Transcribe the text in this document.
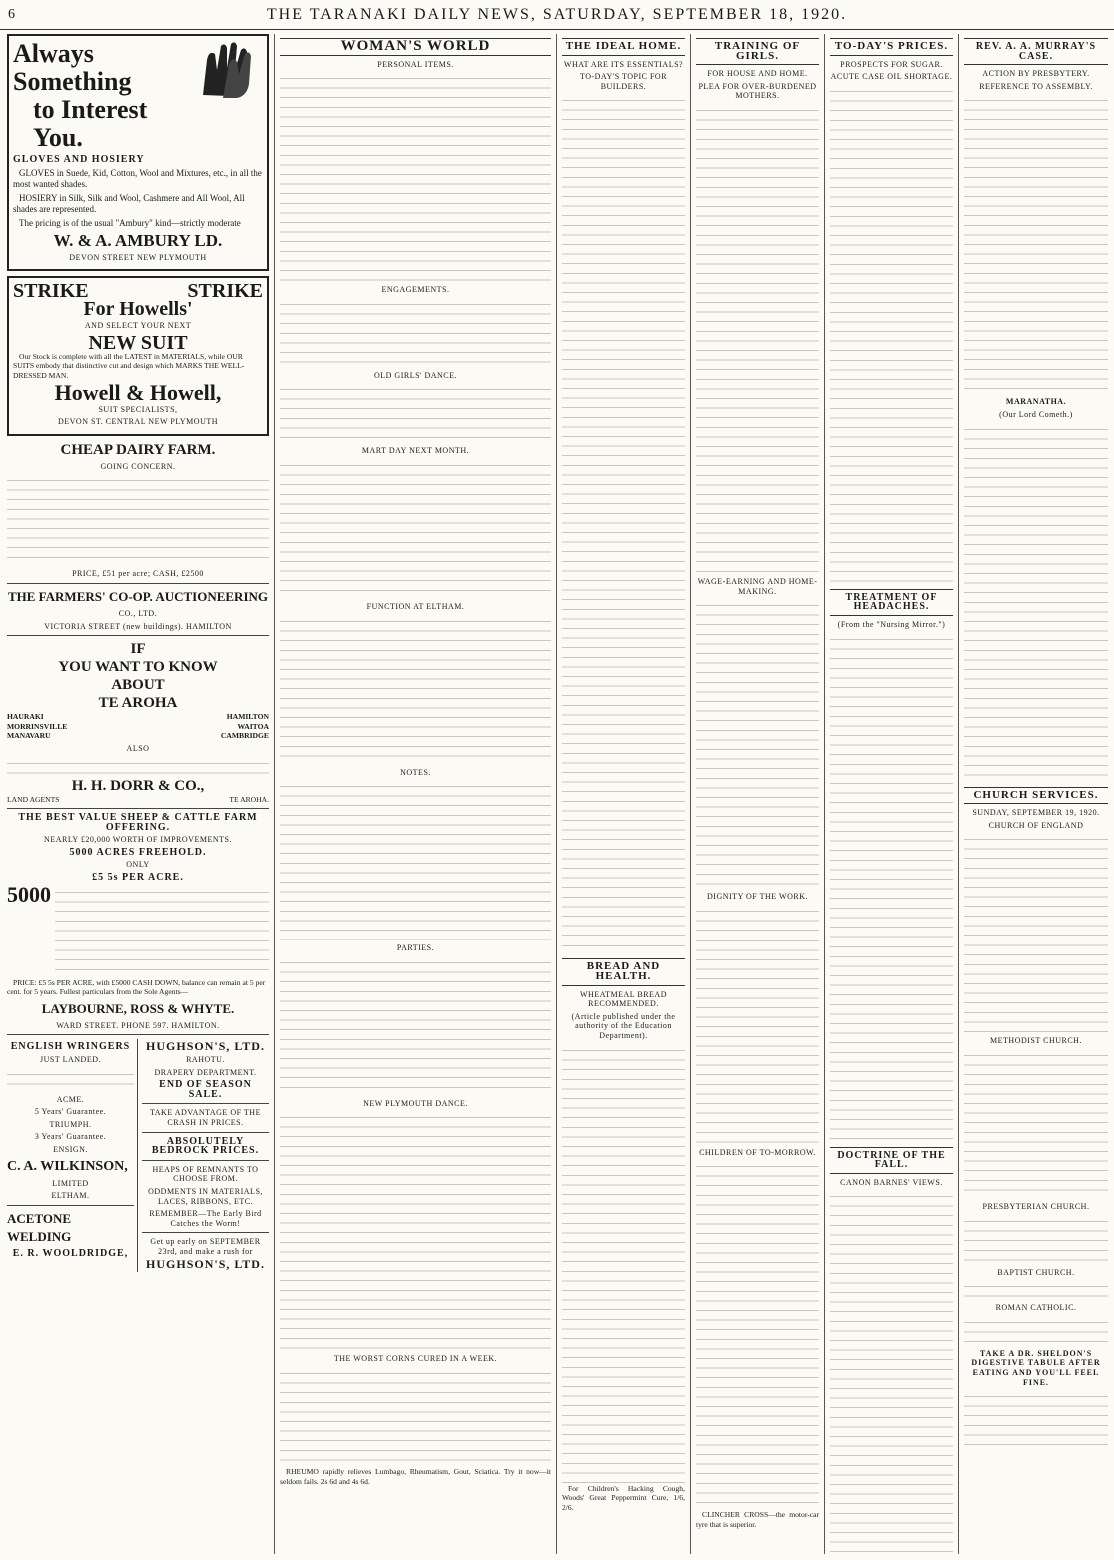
6	THE TARANAKI DAILY NEWS, SATURDAY, SEPTEMBER 18, 1920.
Always Something
to Interest You.
GLOVES AND HOSIERY

GLOVES in Suede, Kid, Cotton, Wool and Mixtures, etc., in all the most wanted shades.

HOSIERY in Silk, Silk and Wool, Cashmere and All Wool, All shades are represented.

The pricing is of the usual "Ambury" kind—strictly moderate

W. & A. AMBURY LD.
DEVON STREET NEW PLYMOUTH
STRIKE	STRIKE
For Howells'
AND SELECT YOUR NEXT
NEW SUIT

Our Stock is complete with all the LATEST in MATERIALS, while OUR SUITS embody that distinctive cut and design which MARKS THE WELL-DRESSED MAN.

Howell & Howell,
SUIT SPECIALISTS,
DEVON ST. CENTRAL NEW PLYMOUTH
CHEAP DAIRY FARM.
GOING CONCERN.
PRICE, £51 per acre; CASH, £2500
THE FARMERS' CO-OP. AUCTIONEERING
CO., LTD.
VICTORIA STREET (new buildings). HAMILTON
IF
YOU WANT TO KNOW
ABOUT
TE AROHA
HAURAKI
MORRINSVILLE
MANAVARU
HAMILTON
WAITOA
CAMBRIDGE
ALSO
H. H. DORR & CO.,
LAND AGENTS	TE AROHA.
THE BEST VALUE SHEEP & CATTLE FARM OFFERING.
NEARLY £20,000 WORTH OF IMPROVEMENTS.
5000 ACRES FREEHOLD.
ONLY
£5 5s PER ACRE.
5000

PRICE: £5 5s PER ACRE, with £5000 CASH DOWN, balance can remain at 5 per cent. for 5 years. Fullest particulars from the Sole Agents—

LAYBOURNE, ROSS & WHYTE.
WARD STREET. PHONE 597. HAMILTON.
ENGLISH WRINGERS
JUST LANDED.
ACME.
5 Years' Guarantee.
TRIUMPH.
3 Years' Guarantee.
ENSIGN.
C. A. WILKINSON,
LIMITED
ELTHAM.
ACETONE WELDING
E. R. WOOLDRIDGE,
HUGHSON'S, LTD.
RAHOTU.
DRAPERY DEPARTMENT.
END OF SEASON SALE.
TAKE ADVANTAGE OF THE CRASH IN PRICES.
ABSOLUTELY BEDROCK PRICES.
HEAPS OF REMNANTS TO CHOOSE FROM.
ODDMENTS IN MATERIALS, LACES, RIBBONS, ETC.
REMEMBER—The Early Bird Catches the Worm!
Get up early on SEPTEMBER 23rd, and make a rush for
HUGHSON'S, LTD.
WOMAN'S WORLD
PERSONAL ITEMS.
ENGAGEMENTS.
OLD GIRLS' DANCE.
MART DAY NEXT MONTH.
FUNCTION AT ELTHAM.
NOTES.
PARTIES.
NEW PLYMOUTH DANCE.
THE WORST CORNS CURED IN A WEEK.

RHEUMO rapidly relieves Lumbago, Rheumatism, Gout, Sciatica. Try it now—it seldom fails. 2s 6d and 4s 6d.

THE IDEAL HOME.
WHAT ARE ITS ESSENTIALS?
TO-DAY'S TOPIC FOR BUILDERS.
BREAD AND HEALTH.
WHEATMEAL BREAD RECOMMENDED.
(Article published under the authority of the Education Department).

For Children's Hacking Cough, Woods' Great Peppermint Cure, 1/6, 2/6.

TRAINING OF GIRLS.
FOR HOUSE AND HOME.
PLEA FOR OVER-BURDENED MOTHERS.
WAGE-EARNING AND HOME-MAKING.
DIGNITY OF THE WORK.
CHILDREN OF TO-MORROW.

CLINCHER CROSS—the motor-car tyre that is superior.

TO-DAY'S PRICES.
PROSPECTS FOR SUGAR.
ACUTE CASE OIL SHORTAGE.
TREATMENT OF HEADACHES.
(From the "Nursing Mirror.")
DOCTRINE OF THE FALL.
CANON BARNES' VIEWS.
REV. A. A. MURRAY'S CASE.
ACTION BY PRESBYTERY.
REFERENCE TO ASSEMBLY.
MARANATHA.
(Our Lord Cometh.)
CHURCH SERVICES.
SUNDAY, SEPTEMBER 19, 1920.
CHURCH OF ENGLAND
METHODIST CHURCH.
PRESBYTERIAN CHURCH.
BAPTIST CHURCH.
ROMAN CATHOLIC.
TAKE A DR. SHELDON'S DIGESTIVE TABULE AFTER EATING AND YOU'LL FEEL FINE.
